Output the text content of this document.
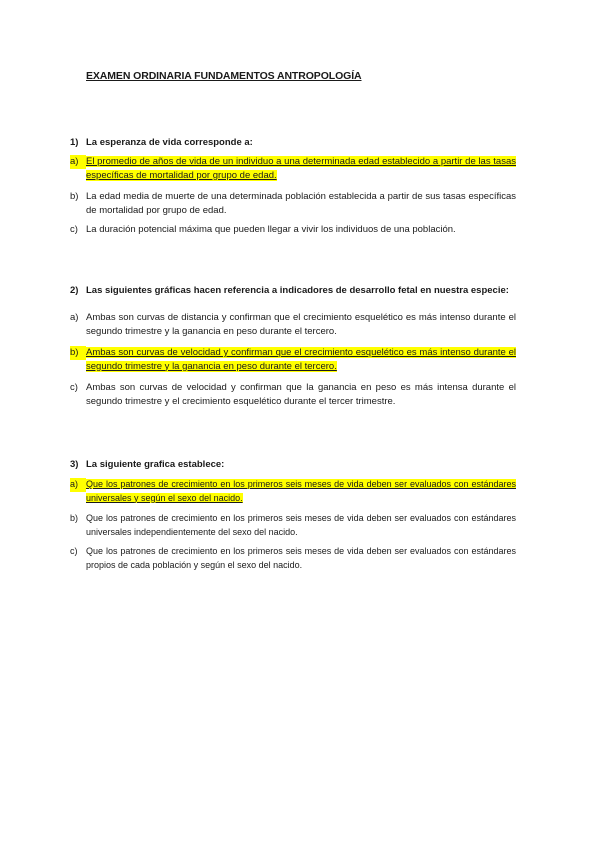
EXAMEN ORDINARIA FUNDAMENTOS ANTROPOLOGÍA
1) La esperanza de vida corresponde a:
a) El promedio de años de vida de un individuo a una determinada edad establecido a partir de las tasas específicas de mortalidad por grupo de edad.
b) La edad media de muerte de una determinada población establecida a partir de sus tasas específicas de mortalidad por grupo de edad.
c) La duración potencial máxima que pueden llegar a vivir los individuos de una población.
2) Las siguientes gráficas hacen referencia a indicadores de desarrollo fetal en nuestra especie:
a) Ambas son curvas de distancia y confirman que el crecimiento esquelético es más intenso durante el segundo trimestre y la ganancia en peso durante el tercero.
b) Ambas son curvas de velocidad y confirman que el crecimiento esquelético es más intenso durante el segundo trimestre y la ganancia en peso durante el tercero.
c) Ambas son curvas de velocidad y confirman que la ganancia en peso es más intensa durante el segundo trimestre y el crecimiento esquelético durante el tercer trimestre.
3) La siguiente grafica establece:
a) Que los patrones de crecimiento en los primeros seis meses de vida deben ser evaluados con estándares universales y según el sexo del nacido.
b) Que los patrones de crecimiento en los primeros seis meses de vida deben ser evaluados con estándares universales independientemente del sexo del nacido.
c) Que los patrones de crecimiento en los primeros seis meses de vida deben ser evaluados con estándares propios de cada población y según el sexo del nacido.
